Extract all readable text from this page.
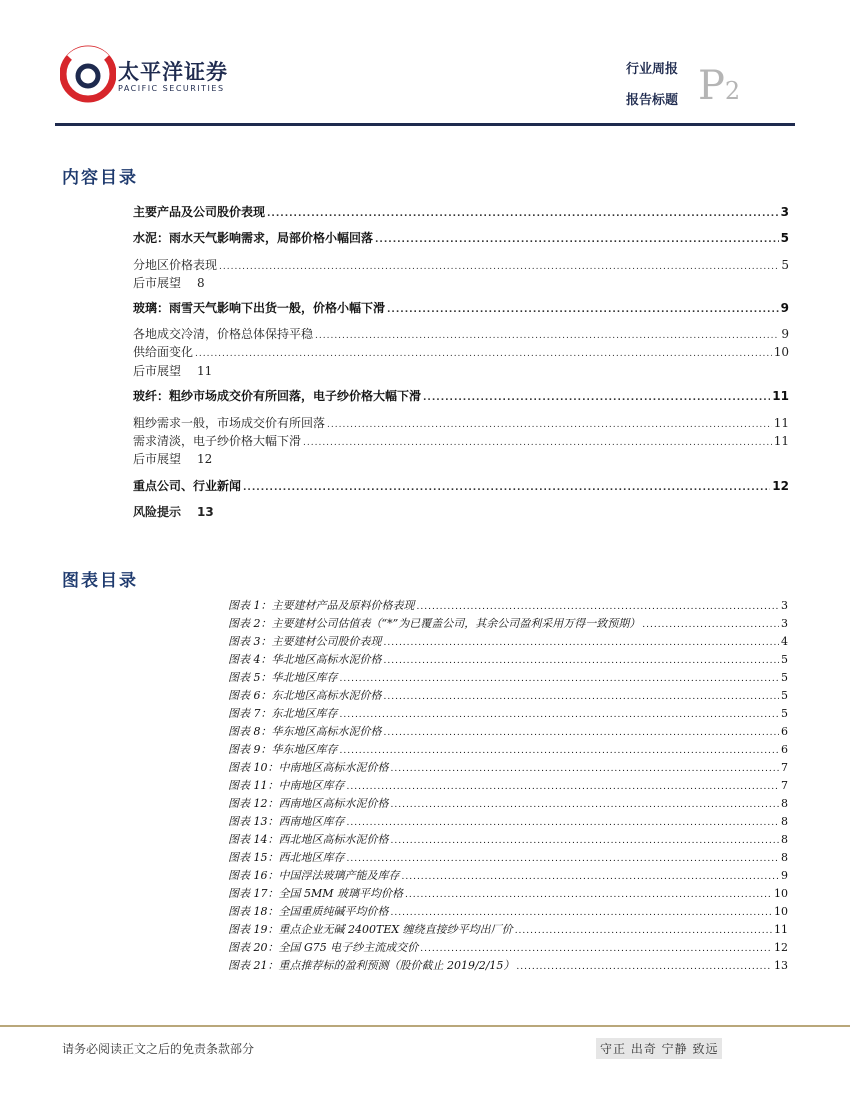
太平洋证券
PACIFIC SECURITIES
行业周报
报告标题 P2
内容目录
主要产品及公司股价表现 .....	3
水泥：雨水天气影响需求，局部价格小幅回落 .....	5
分地区价格表现 .....	5
后市展望 8
玻璃：雨雪天气影响下出货一般，价格小幅下滑 .....	9
各地成交冷清，价格总体保持平稳 .....	9
供给面变化 .....	10
后市展望 11
玻纤：粗纱市场成交价有所回落，电子纱价格大幅下滑 .....	11
粗纱需求一般，市场成交价有所回落 .....	11
需求清淡，电子纱价格大幅下滑 .....	11
后市展望 12
重点公司、行业新闻 .....	12
风险提示 13
图表目录
图表 1：主要建材产品及原料价格表现 .....	3
图表 2：主要建材公司估值表（“*”为已覆盖公司，其余公司盈利采用万得一致预期） .....	3
图表 3：主要建材公司股价表现 .....	4
图表 4：华北地区高标水泥价格 .....	5
图表 5：华北地区库存 .....	5
图表 6：东北地区高标水泥价格 .....	5
图表 7：东北地区库存 .....	5
图表 8：华东地区高标水泥价格 .....	6
图表 9：华东地区库存 .....	6
图表 10：中南地区高标水泥价格 .....	7
图表 11：中南地区库存 .....	7
图表 12：西南地区高标水泥价格 .....	8
图表 13：西南地区库存 .....	8
图表 14：西北地区高标水泥价格 .....	8
图表 15：西北地区库存 .....	8
图表 16：中国浮法玻璃产能及库存 .....	9
图表 17：全国 5MM 玻璃平均价格 .....	10
图表 18：全国重质纯碱平均价格 .....	10
图表 19：重点企业无碱 2400TEX 缠绕直接纱平均出厂价 .....	11
图表 20：全国 G75 电子纱主流成交价 .....	12
图表 21：重点推荐标的盈利预测（股价截止 2019/2/15） .....	13
请务必阅读正文之后的免责条款部分	守正 出奇 宁静 致远
